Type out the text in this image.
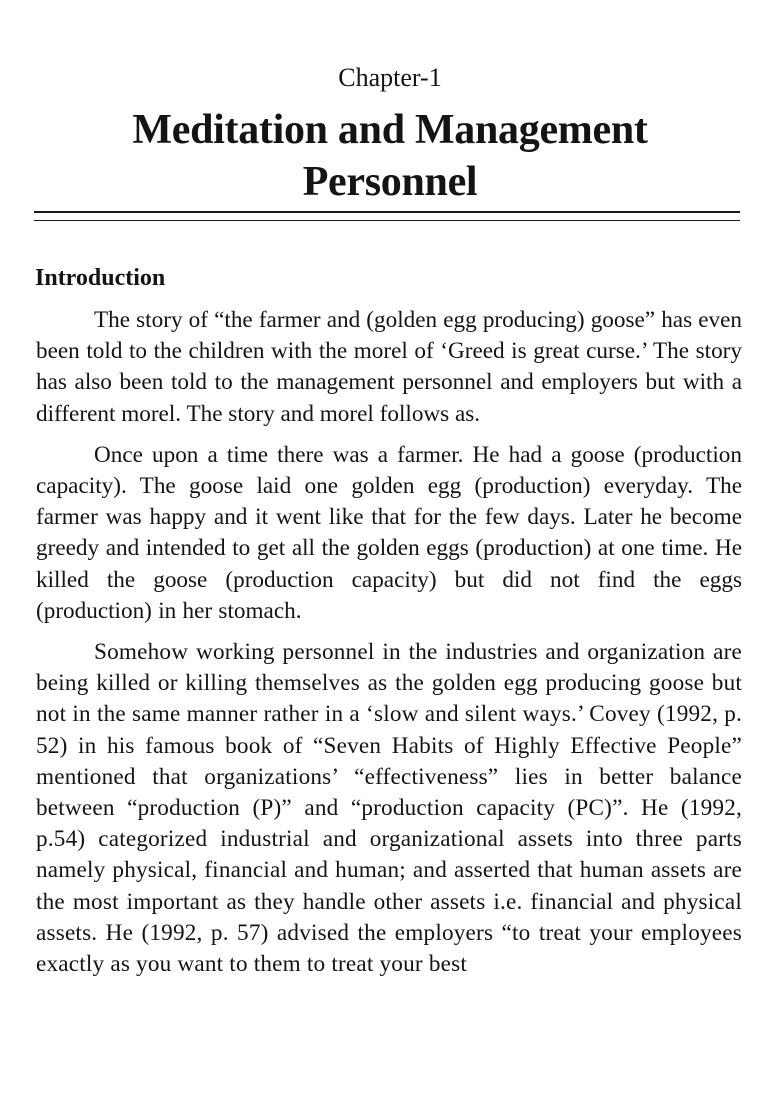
Chapter-1
Meditation and Management
Personnel
Introduction

The story of “the farmer and (golden egg producing) goose” has even been told to the children with the morel of ‘Greed is great curse.’ The story has also been told to the management personnel and employers but with a different morel. The story and morel follows as.

Once upon a time there was a farmer. He had a goose (production capacity). The goose laid one golden egg (production) everyday. The farmer was happy and it went like that for the few days. Later he become greedy and intended to get all the golden eggs (production) at one time. He killed the goose (production capacity) but did not find the eggs (production) in her stomach.

Somehow working personnel in the industries and organization are being killed or killing themselves as the golden egg producing goose but not in the same manner rather in a ‘slow and silent ways.’ Covey (1992, p. 52) in his famous book of “Seven Habits of Highly Effective People” mentioned that organizations’ “effectiveness” lies in better balance between “production (P)” and “production capacity (PC)”. He (1992, p.54) categorized industrial and organizational assets into three parts namely physical, financial and human; and asserted that human assets are the most important as they handle other assets i.e. financial and physical assets. He (1992, p. 57) advised the employers “to treat your employees exactly as you want to them to treat your best
